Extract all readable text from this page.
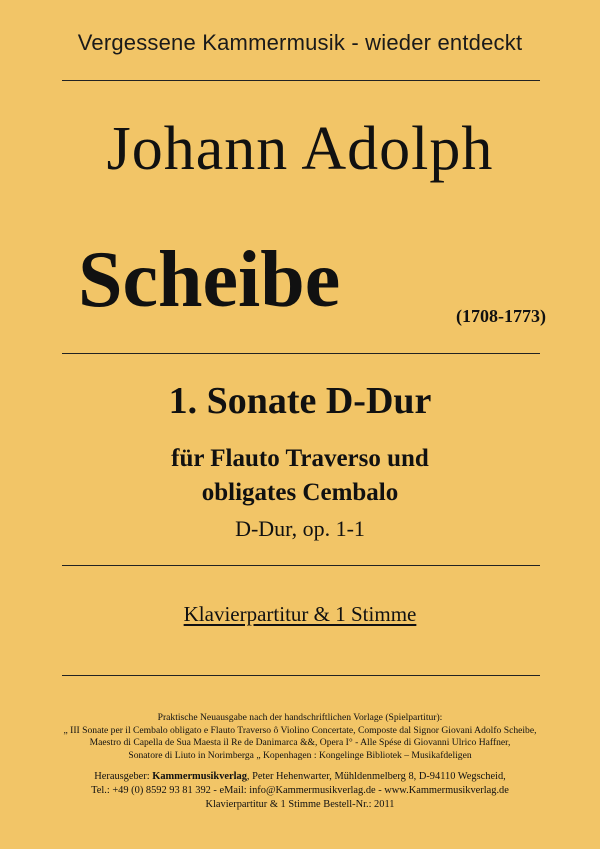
Vergessene Kammermusik - wieder entdeckt
Johann Adolph
Scheibe	(1708-1773)
1. Sonate D-Dur
für Flauto Traverso und
obligates Cembalo
D-Dur, op. 1-1
Klavierpartitur & 1 Stimme
Praktische Neuausgabe nach der handschriftlichen Vorlage (Spielpartitur):
„ III Sonate per il Cembalo obligato e Flauto Traverso ô Violino Concertate, Composte dal Signor Giovani Adolfo Scheibe,
Maestro di Capella de Sua Maesta il Re de Danimarca &&, Opera I° - Alle Spése di Giovanni Ulrico Haffner,
Sonatore di Liuto in Norimberga „ Kopenhagen : Kongelinge Bibliotek – Musikafdeligen
Herausgeber: Kammermusikverlag, Peter Hehenwarter, Mühldenmelberg 8, D-94110 Wegscheid,
Tel.: +49 (0) 8592 93 81 392 - eMail: info@Kammermusikverlag.de - www.Kammermusikverlag.de
Klavierpartitur & 1 Stimme Bestell-Nr.: 2011
